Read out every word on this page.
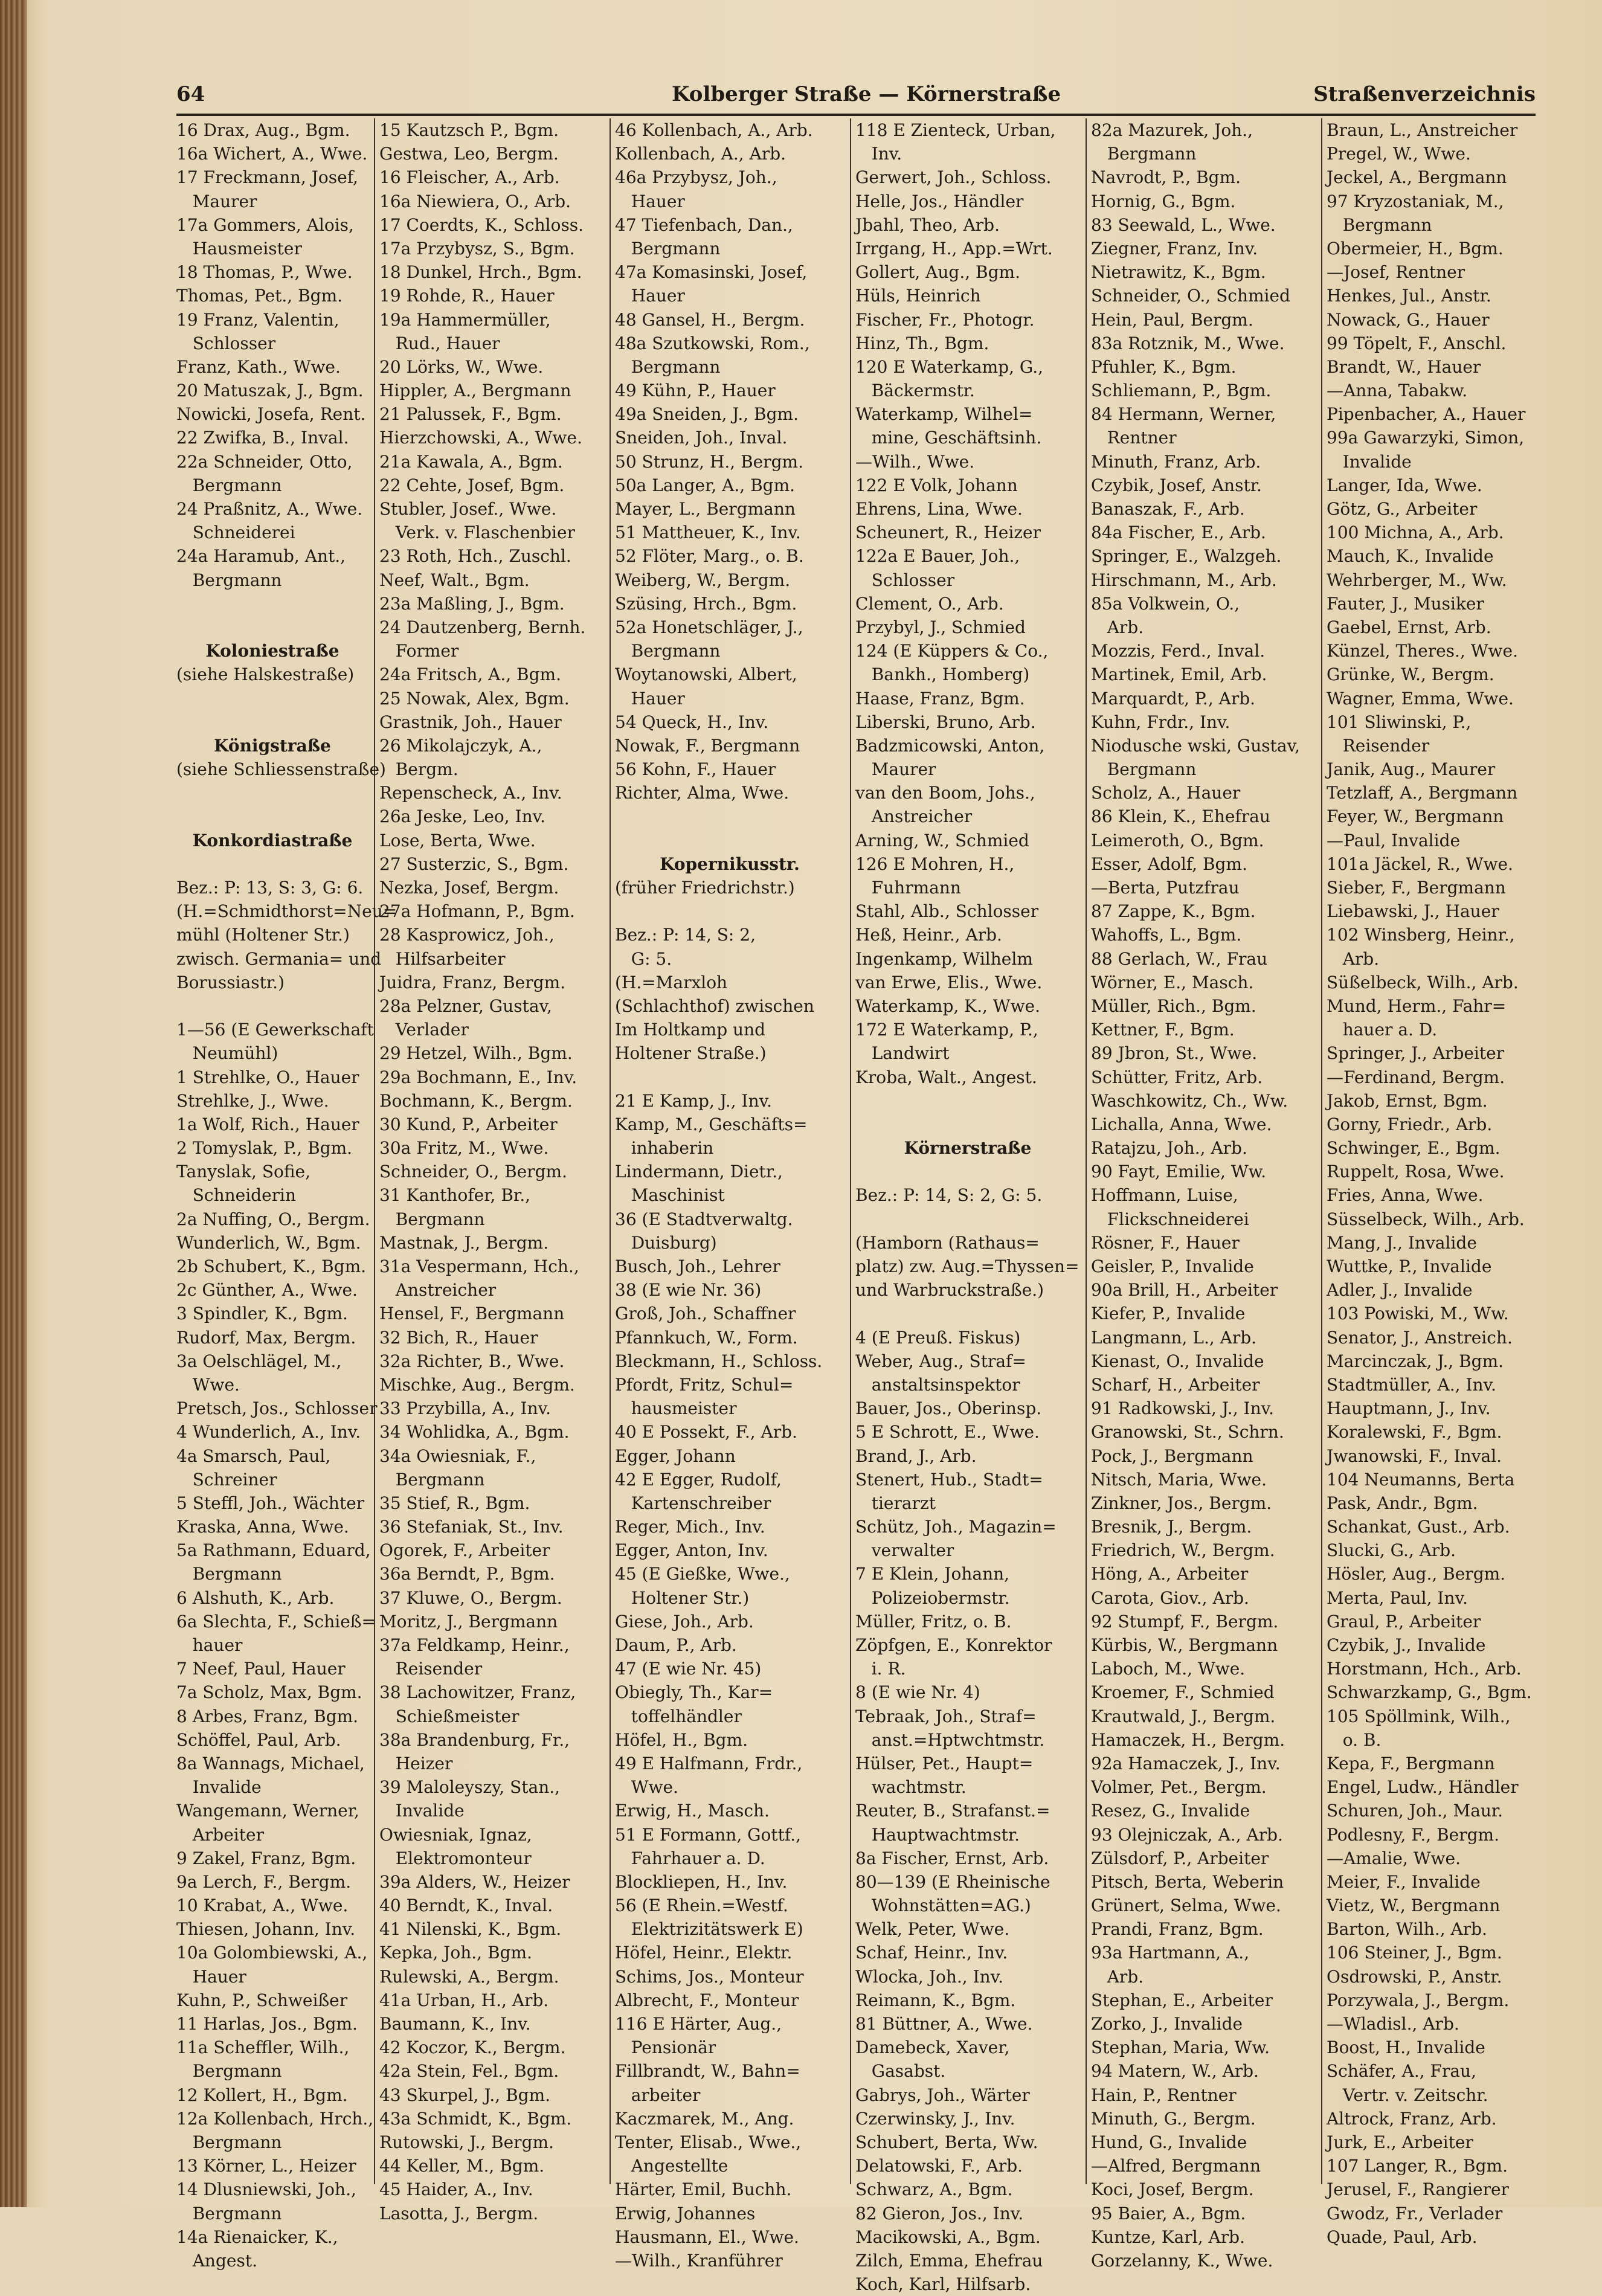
64	Kolberger Straße — Körnerstraße	Straßenverzeichnis
16 Drax, Aug., Bgm.
16a Wichert, A., Wwe.
17 Freckmann, Josef,
Maurer
17a Gommers, Alois,
Hausmeister
18 Thomas, P., Wwe.
Thomas, Pet., Bgm.
19 Franz, Valentin,
Schlosser
Franz, Kath., Wwe.
20 Matuszak, J., Bgm.
Nowicki, Josefa, Rent.
22 Zwifka, B., Inval.
22a Schneider, Otto,
Bergmann
24 Praßnitz, A., Wwe.
Schneiderei
24a Haramub, Ant.,
Bergmann
Koloniestraße
(siehe Halskestraße)
Königstraße
(siehe Schliessenstraße)
Konkordiastraße
Bez.: P: 13, S: 3, G: 6.
(H.=Schmidthorst=Neu=
mühl (Holtener Str.)
zwisch. Germania= und
Borussiastr.)
1—56 (E Gewerkschaft
Neumühl)
1 Strehlke, O., Hauer
Strehlke, J., Wwe.
1a Wolf, Rich., Hauer
2 Tomyslak, P., Bgm.
Tanyslak, Sofie,
Schneiderin
2a Nuffing, O., Bergm.
Wunderlich, W., Bgm.
2b Schubert, K., Bgm.
2c Günther, A., Wwe.
3 Spindler, K., Bgm.
Rudorf, Max, Bergm.
3a Oelschlägel, M.,
Wwe.
Pretsch, Jos., Schlosser
4 Wunderlich, A., Inv.
4a Smarsch, Paul,
Schreiner
5 Steffl, Joh., Wächter
Kraska, Anna, Wwe.
5a Rathmann, Eduard,
Bergmann
6 Alshuth, K., Arb.
6a Slechta, F., Schieß=
hauer
7 Neef, Paul, Hauer
7a Scholz, Max, Bgm.
8 Arbes, Franz, Bgm.
Schöffel, Paul, Arb.
8a Wannags, Michael,
Invalide
Wangemann, Werner,
Arbeiter
9 Zakel, Franz, Bgm.
9a Lerch, F., Bergm.
10 Krabat, A., Wwe.
Thiesen, Johann, Inv.
10a Golombiewski, A.,
Hauer
Kuhn, P., Schweißer
11 Harlas, Jos., Bgm.
11a Scheffler, Wilh.,
Bergmann
12 Kollert, H., Bgm.
12a Kollenbach, Hrch.,
Bergmann
13 Körner, L., Heizer
14 Dlusniewski, Joh.,
Bergmann
14a Rienaicker, K.,
Angest.
15 Kautzsch P., Bgm.
Gestwa, Leo, Bergm.
16 Fleischer, A., Arb.
16a Niewiera, O., Arb.
17 Coerdts, K., Schloss.
17a Przybysz, S., Bgm.
18 Dunkel, Hrch., Bgm.
19 Rohde, R., Hauer
19a Hammermüller,
Rud., Hauer
20 Lörks, W., Wwe.
Hippler, A., Bergmann
21 Palussek, F., Bgm.
Hierzchowski, A., Wwe.
21a Kawala, A., Bgm.
22 Cehte, Josef, Bgm.
Stubler, Josef., Wwe.
Verk. v. Flaschenbier
23 Roth, Hch., Zuschl.
Neef, Walt., Bgm.
23a Maßling, J., Bgm.
24 Dautzenberg, Bernh.
Former
24a Fritsch, A., Bgm.
25 Nowak, Alex, Bgm.
Grastnik, Joh., Hauer
26 Mikolajczyk, A.,
Bergm.
Repenscheck, A., Inv.
26a Jeske, Leo, Inv.
Lose, Berta, Wwe.
27 Susterzic, S., Bgm.
Nezka, Josef, Bergm.
27a Hofmann, P., Bgm.
28 Kasprowicz, Joh.,
Hilfsarbeiter
Juidra, Franz, Bergm.
28a Pelzner, Gustav,
Verlader
29 Hetzel, Wilh., Bgm.
29a Bochmann, E., Inv.
Bochmann, K., Bergm.
30 Kund, P., Arbeiter
30a Fritz, M., Wwe.
Schneider, O., Bergm.
31 Kanthofer, Br.,
Bergmann
Mastnak, J., Bergm.
31a Vespermann, Hch.,
Anstreicher
Hensel, F., Bergmann
32 Bich, R., Hauer
32a Richter, B., Wwe.
Mischke, Aug., Bergm.
33 Przybilla, A., Inv.
34 Wohlidka, A., Bgm.
34a Owiesniak, F.,
Bergmann
35 Stief, R., Bgm.
36 Stefaniak, St., Inv.
Ogorek, F., Arbeiter
36a Berndt, P., Bgm.
37 Kluwe, O., Bergm.
Moritz, J., Bergmann
37a Feldkamp, Heinr.,
Reisender
38 Lachowitzer, Franz,
Schießmeister
38a Brandenburg, Fr.,
Heizer
39 Maloleyszy, Stan.,
Invalide
Owiesniak, Ignaz,
Elektromonteur
39a Alders, W., Heizer
40 Berndt, K., Inval.
41 Nilenski, K., Bgm.
Kepka, Joh., Bgm.
Rulewski, A., Bergm.
41a Urban, H., Arb.
Baumann, K., Inv.
42 Koczor, K., Bergm.
42a Stein, Fel., Bgm.
43 Skurpel, J., Bgm.
43a Schmidt, K., Bgm.
Rutowski, J., Bergm.
44 Keller, M., Bgm.
45 Haider, A., Inv.
Lasotta, J., Bergm.
46 Kollenbach, A., Arb.
Kollenbach, A., Arb.
46a Przybysz, Joh.,
Hauer
47 Tiefenbach, Dan.,
Bergmann
47a Komasinski, Josef,
Hauer
48 Gansel, H., Bergm.
48a Szutkowski, Rom.,
Bergmann
49 Kühn, P., Hauer
49a Sneiden, J., Bgm.
Sneiden, Joh., Inval.
50 Strunz, H., Bergm.
50a Langer, A., Bgm.
Mayer, L., Bergmann
51 Mattheuer, K., Inv.
52 Flöter, Marg., o. B.
Weiberg, W., Bergm.
Szüsing, Hrch., Bgm.
52a Honetschläger, J.,
Bergmann
Woytanowski, Albert,
Hauer
54 Queck, H., Inv.
Nowak, F., Bergmann
56 Kohn, F., Hauer
Richter, Alma, Wwe.
Kopernikusstr.
(früher Friedrichstr.)
Bez.: P: 14, S: 2,
G: 5.
(H.=Marxloh
(Schlachthof) zwischen
Im Holtkamp und
Holtener Straße.)
21 E Kamp, J., Inv.
Kamp, M., Geschäfts=
inhaberin
Lindermann, Dietr.,
Maschinist
36 (E Stadtverwaltg.
Duisburg)
Busch, Joh., Lehrer
38 (E wie Nr. 36)
Groß, Joh., Schaffner
Pfannkuch, W., Form.
Bleckmann, H., Schloss.
Pfordt, Fritz, Schul=
hausmeister
40 E Possekt, F., Arb.
Egger, Johann
42 E Egger, Rudolf,
Kartenschreiber
Reger, Mich., Inv.
Egger, Anton, Inv.
45 (E Gießke, Wwe.,
Holtener Str.)
Giese, Joh., Arb.
Daum, P., Arb.
47 (E wie Nr. 45)
Obiegly, Th., Kar=
toffelhändler
Höfel, H., Bgm.
49 E Halfmann, Frdr.,
Wwe.
Erwig, H., Masch.
51 E Formann, Gottf.,
Fahrhauer a. D.
Blockliepen, H., Inv.
56 (E Rhein.=Westf.
Elektrizitätswerk E)
Höfel, Heinr., Elektr.
Schims, Jos., Monteur
Albrecht, F., Monteur
116 E Härter, Aug.,
Pensionär
Fillbrandt, W., Bahn=
arbeiter
Kaczmarek, M., Ang.
Tenter, Elisab., Wwe.,
Angestellte
Härter, Emil, Buchh.
Erwig, Johannes
Hausmann, El., Wwe.
—Wilh., Kranführer
118 E Zienteck, Urban,
Inv.
Gerwert, Joh., Schloss.
Helle, Jos., Händler
Jbahl, Theo, Arb.
Irrgang, H., App.=Wrt.
Gollert, Aug., Bgm.
Hüls, Heinrich
Fischer, Fr., Photogr.
Hinz, Th., Bgm.
120 E Waterkamp, G.,
Bäckermstr.
Waterkamp, Wilhel=
mine, Geschäftsinh.
—Wilh., Wwe.
122 E Volk, Johann
Ehrens, Lina, Wwe.
Scheunert, R., Heizer
122a E Bauer, Joh.,
Schlosser
Clement, O., Arb.
Przybyl, J., Schmied
124 (E Küppers & Co.,
Bankh., Homberg)
Haase, Franz, Bgm.
Liberski, Bruno, Arb.
Badzmicowski, Anton,
Maurer
van den Boom, Johs.,
Anstreicher
Arning, W., Schmied
126 E Mohren, H.,
Fuhrmann
Stahl, Alb., Schlosser
Heß, Heinr., Arb.
Ingenkamp, Wilhelm
van Erwe, Elis., Wwe.
Waterkamp, K., Wwe.
172 E Waterkamp, P.,
Landwirt
Kroba, Walt., Angest.
Körnerstraße
Bez.: P: 14, S: 2, G: 5.
(Hamborn (Rathaus=
platz) zw. Aug.=Thyssen=
und Warbruckstraße.)
4 (E Preuß. Fiskus)
Weber, Aug., Straf=
anstaltsinspektor
Bauer, Jos., Oberinsp.
5 E Schrott, E., Wwe.
Brand, J., Arb.
Stenert, Hub., Stadt=
tierarzt
Schütz, Joh., Magazin=
verwalter
7 E Klein, Johann,
Polizeiobermstr.
Müller, Fritz, o. B.
Zöpfgen, E., Konrektor
i. R.
8 (E wie Nr. 4)
Tebraak, Joh., Straf=
anst.=Hptwchtmstr.
Hülser, Pet., Haupt=
wachtmstr.
Reuter, B., Strafanst.=
Hauptwachtmstr.
8a Fischer, Ernst, Arb.
80—139 (E Rheinische
Wohnstätten=AG.)
Welk, Peter, Wwe.
Schaf, Heinr., Inv.
Wlocka, Joh., Inv.
Reimann, K., Bgm.
81 Büttner, A., Wwe.
Damebeck, Xaver,
Gasabst.
Gabrys, Joh., Wärter
Czerwinsky, J., Inv.
Schubert, Berta, Ww.
Delatowski, F., Arb.
Schwarz, A., Bgm.
82 Gieron, Jos., Inv.
Macikowski, A., Bgm.
Zilch, Emma, Ehefrau
Koch, Karl, Hilfsarb.
82a Mazurek, Joh.,
Bergmann
Navrodt, P., Bgm.
Hornig, G., Bgm.
83 Seewald, L., Wwe.
Ziegner, Franz, Inv.
Nietrawitz, K., Bgm.
Schneider, O., Schmied
Hein, Paul, Bergm.
83a Rotznik, M., Wwe.
Pfuhler, K., Bgm.
Schliemann, P., Bgm.
84 Hermann, Werner,
Rentner
Minuth, Franz, Arb.
Czybik, Josef, Anstr.
Banaszak, F., Arb.
84a Fischer, E., Arb.
Springer, E., Walzgeh.
Hirschmann, M., Arb.
85a Volkwein, O.,
Arb.
Mozzis, Ferd., Inval.
Martinek, Emil, Arb.
Marquardt, P., Arb.
Kuhn, Frdr., Inv.
Niodusche wski, Gustav,
Bergmann
Scholz, A., Hauer
86 Klein, K., Ehefrau
Leimeroth, O., Bgm.
Esser, Adolf, Bgm.
—Berta, Putzfrau
87 Zappe, K., Bgm.
Wahoffs, L., Bgm.
88 Gerlach, W., Frau
Wörner, E., Masch.
Müller, Rich., Bgm.
Kettner, F., Bgm.
89 Jbron, St., Wwe.
Schütter, Fritz, Arb.
Waschkowitz, Ch., Ww.
Lichalla, Anna, Wwe.
Ratajzu, Joh., Arb.
90 Fayt, Emilie, Ww.
Hoffmann, Luise,
Flickschneiderei
Rösner, F., Hauer
Geisler, P., Invalide
90a Brill, H., Arbeiter
Kiefer, P., Invalide
Langmann, L., Arb.
Kienast, O., Invalide
Scharf, H., Arbeiter
91 Radkowski, J., Inv.
Granowski, St., Schrn.
Pock, J., Bergmann
Nitsch, Maria, Wwe.
Zinkner, Jos., Bergm.
Bresnik, J., Bergm.
Friedrich, W., Bergm.
Höng, A., Arbeiter
Carota, Giov., Arb.
92 Stumpf, F., Bergm.
Kürbis, W., Bergmann
Laboch, M., Wwe.
Kroemer, F., Schmied
Krautwald, J., Bergm.
Hamaczek, H., Bergm.
92a Hamaczek, J., Inv.
Volmer, Pet., Bergm.
Resez, G., Invalide
93 Olejniczak, A., Arb.
Zülsdorf, P., Arbeiter
Pitsch, Berta, Weberin
Grünert, Selma, Wwe.
Prandi, Franz, Bgm.
93a Hartmann, A.,
Arb.
Stephan, E., Arbeiter
Zorko, J., Invalide
Stephan, Maria, Ww.
94 Matern, W., Arb.
Hain, P., Rentner
Minuth, G., Bergm.
Hund, G., Invalide
—Alfred, Bergmann
Koci, Josef, Bergm.
95 Baier, A., Bgm.
Kuntze, Karl, Arb.
Gorzelanny, K., Wwe.
Braun, L., Anstreicher
Pregel, W., Wwe.
Jeckel, A., Bergmann
97 Kryzostaniak, M.,
Bergmann
Obermeier, H., Bgm.
—Josef, Rentner
Henkes, Jul., Anstr.
Nowack, G., Hauer
99 Töpelt, F., Anschl.
Brandt, W., Hauer
—Anna, Tabakw.
Pipenbacher, A., Hauer
99a Gawarzyki, Simon,
Invalide
Langer, Ida, Wwe.
Götz, G., Arbeiter
100 Michna, A., Arb.
Mauch, K., Invalide
Wehrberger, M., Ww.
Fauter, J., Musiker
Gaebel, Ernst, Arb.
Künzel, Theres., Wwe.
Grünke, W., Bergm.
Wagner, Emma, Wwe.
101 Sliwinski, P.,
Reisender
Janik, Aug., Maurer
Tetzlaff, A., Bergmann
Feyer, W., Bergmann
—Paul, Invalide
101a Jäckel, R., Wwe.
Sieber, F., Bergmann
Liebawski, J., Hauer
102 Winsberg, Heinr.,
Arb.
Süßelbeck, Wilh., Arb.
Mund, Herm., Fahr=
hauer a. D.
Springer, J., Arbeiter
—Ferdinand, Bergm.
Jakob, Ernst, Bgm.
Gorny, Friedr., Arb.
Schwinger, E., Bgm.
Ruppelt, Rosa, Wwe.
Fries, Anna, Wwe.
Süsselbeck, Wilh., Arb.
Mang, J., Invalide
Wuttke, P., Invalide
Adler, J., Invalide
103 Powiski, M., Ww.
Senator, J., Anstreich.
Marcinczak, J., Bgm.
Stadtmüller, A., Inv.
Hauptmann, J., Inv.
Koralewski, F., Bgm.
Jwanowski, F., Inval.
104 Neumanns, Berta
Pask, Andr., Bgm.
Schankat, Gust., Arb.
Slucki, G., Arb.
Hösler, Aug., Bergm.
Merta, Paul, Inv.
Graul, P., Arbeiter
Czybik, J., Invalide
Horstmann, Hch., Arb.
Schwarzkamp, G., Bgm.
105 Spöllmink, Wilh.,
o. B.
Kepa, F., Bergmann
Engel, Ludw., Händler
Schuren, Joh., Maur.
Podlesny, F., Bergm.
—Amalie, Wwe.
Meier, F., Invalide
Vietz, W., Bergmann
Barton, Wilh., Arb.
106 Steiner, J., Bgm.
Osdrowski, P., Anstr.
Porzywala, J., Bergm.
—Wladisl., Arb.
Boost, H., Invalide
Schäfer, A., Frau,
Vertr. v. Zeitschr.
Altrock, Franz, Arb.
Jurk, E., Arbeiter
107 Langer, R., Bgm.
Jerusel, F., Rangierer
Gwodz, Fr., Verlader
Quade, Paul, Arb.
